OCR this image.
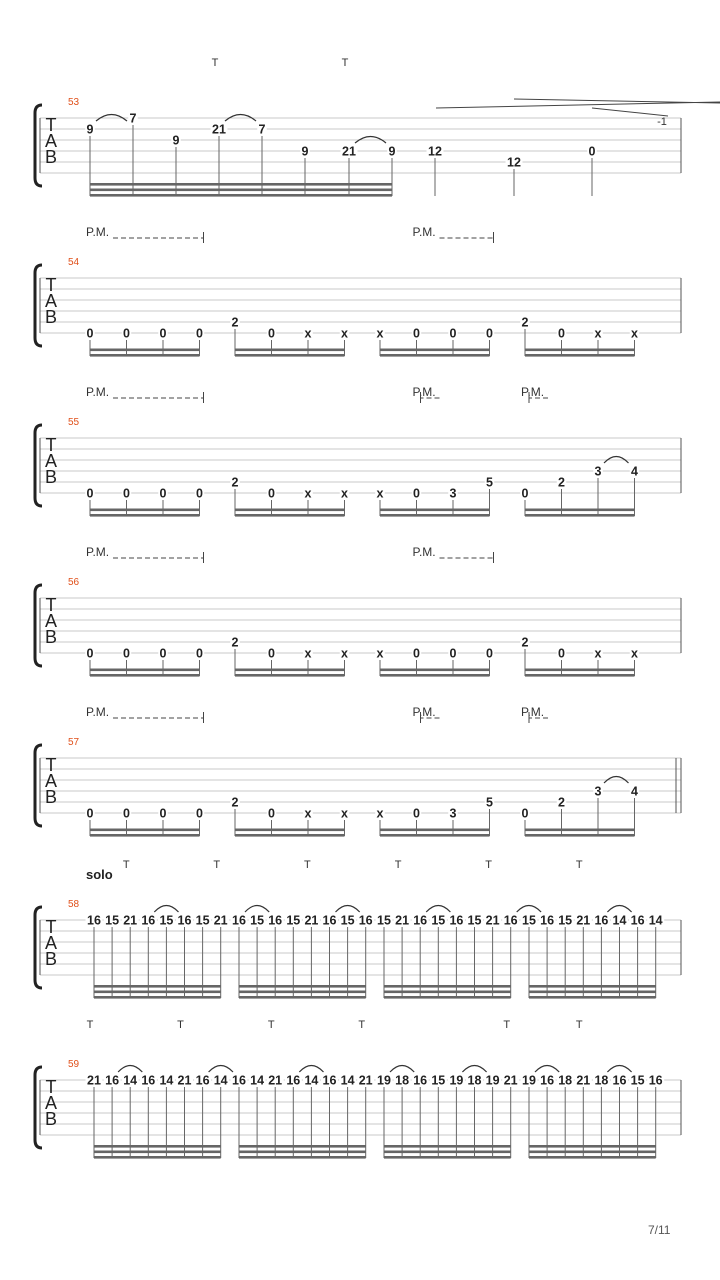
53
T
A
B
9
7
9
21	7
9	21	9	12
12
0
T	T
-1
54
T
A
B
0 0 0 0
2
0 x x x 0 0 0
2
0 x x
P.M.	P.M.
55
T
A
B
0 0 0 0
2
0 x x x 0 3
5
0
2
3 4
P.M.	P.M.	P.M.
56
T
A
B
0 0 0 0
2
0 x x x 0 0 0
2
0 x x
P.M.	P.M.
57
T
A
B
0 0 0 0
2
0 x x x 0 3
5
0
2
3 4
P.M.	P.M.	P.M.
58
T
A
B
16 15 21 16 15 16 15 21 16 15 16 15 21 16 15 16 15 21 16 15 16 15 21 16 15 16 15 21 16 14 16 14
T	T	T	T	T	T
solo
59
T
A
B
21 16 14 16 14 21 16 14 16 14 21 16 14 16 14 21 19 18 16 15 19 18 19 21 19 16 18 21 18 16 15 16
T	T	T	T	T	T
7/11
